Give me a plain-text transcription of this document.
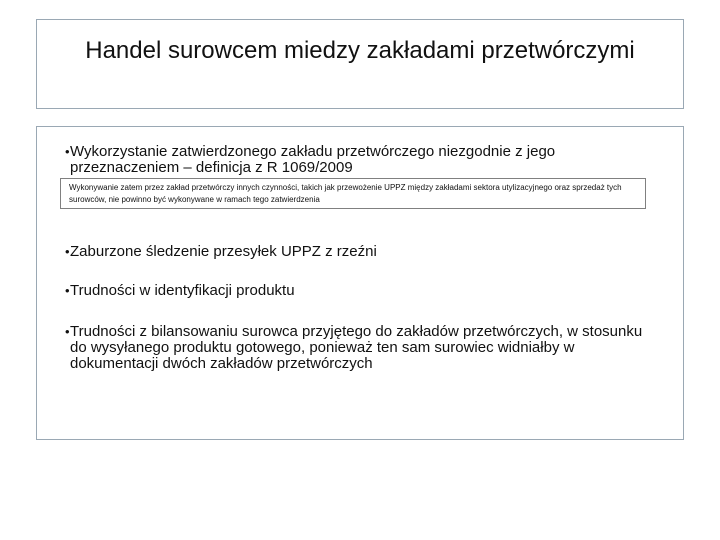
Handel surowcem miedzy zakładami przetwórczymi
• Wykorzystanie zatwierdzonego zakładu przetwórczego niezgodnie z jego przeznaczeniem – definicja z R 1069/2009
Wykonywanie zatem przez zakład przetwórczy innych czynności, takich jak przewożenie UPPZ między zakładami sektora utylizacyjnego oraz sprzedaż tych surowców, nie powinno być wykonywane w ramach tego zatwierdzenia
• Zaburzone śledzenie przesyłek UPPZ z rzeźni
• Trudności w identyfikacji produktu
• Trudności z bilansowaniu surowca przyjętego do zakładów przetwórczych, w stosunku do wysyłanego produktu gotowego, ponieważ ten sam surowiec widniałby w dokumentacji dwóch zakładów przetwórczych
